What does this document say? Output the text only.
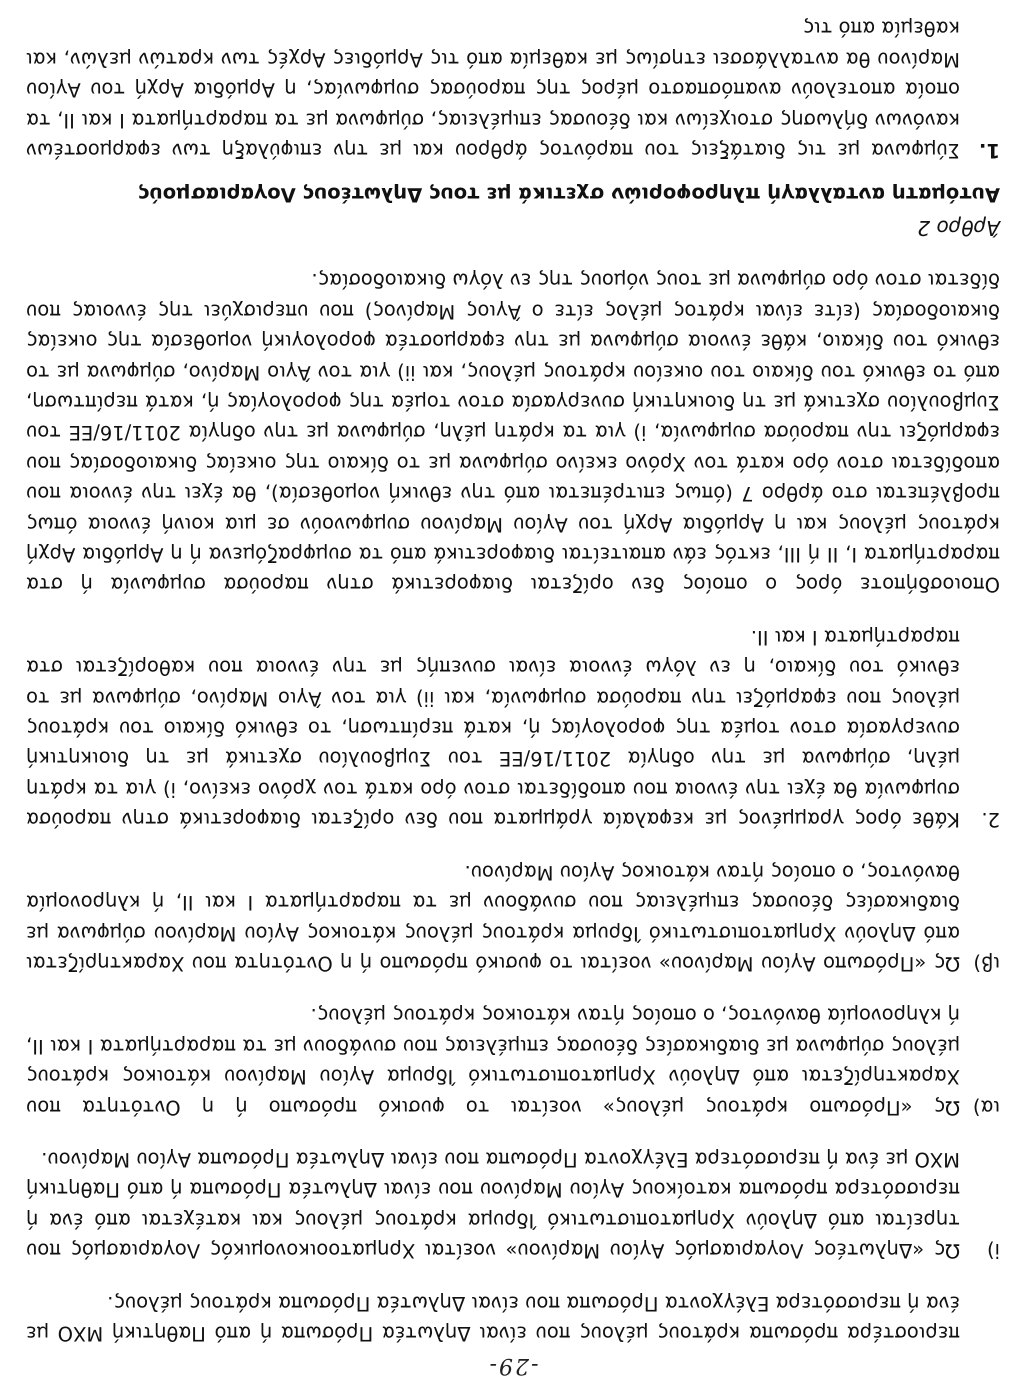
-29-

περιοστέρα πρόσωπα κράτους μέλους που είναι Δηλωτέα Πρόσωπα ή από Παθητική ΜΧΟ με ένα ή περισσότερα Ελέγχοντα Πρόσωπα που είναι Δηλωτέα Πρόσωπα κράτους μέλους.

i)

Ως «Δηλωτέος Λογαριασμός Αγίου Μαρίνου» νοείται Χρηματοοικονομικός Λογαριασμός που τηρείται από Δηλούν Χρηματοπιστωτικό Ίδρυμα κράτους μέλους και κατέχεται από ένα ή περισσότερα πρόσωπα κατοίκους Αγίου Μαρίνου που είναι Δηλωτέα Πρόσωπα ή από Παθητική ΜΧΟ με ένα ή περισσότερα Ελέγχοντα Πρόσωπα που είναι Δηλωτέα Πρόσωπα Αγίου Μαρίνου.

ια)

Ως «Πρόσωπο κράτους μέλους» νοείται το φυσικό πρόσωπο ή η Οντότητα που Χαρακτηρίζεται από Δηλούν Χρηματοπιστωτικό Ίδρυμα Αγίου Μαρίνου κάτοικος κράτους μέλους σύμφωνα με διαδικασίες δέουσας επιμέλειας που συνάδουν με τα παραρτήματα I και II, ή κληρονομία θανόντος, ο οποίος ήταν κάτοικος κράτους μέλους.

ιβ)

Ως «Πρόσωπο Αγίου Μαρίνου» νοείται το φυσικό πρόσωπο ή η Οντότητα που Χαρακτηρίζεται από Δηλούν Χρηματοπιστωτικό Ίδρυμα κράτους μέλους κάτοικος Αγίου Μαρίνου σύμφωνα με διαδικασίες δέουσας επιμέλειας που συνάδουν με τα παραρτήματα I και II, ή κληρονομία θανόντος, ο οποίος ήταν κάτοικος Αγίου Μαρίνου.

2.

Κάθε όρος γραμμένος με κεφαλαία γράμματα που δεν ορίζεται διαφορετικά στην παρούσα συμφωνία θα έχει την έννοια που αποδίδεται στον όρο κατά τον χρόνο εκείνο, i) για τα κράτη μέλη, σύμφωνα με την οδηγία 2011/16/ΕΕ του Συμβουλίου σχετικά με τη διοικητική συνεργασία στον τομέα της φορολογίας ή, κατά περίπτωση, το εθνικό δίκαιο του κράτους μέλους που εφαρμόζει την παρούσα συμφωνία, και ii) για τον Άγιο Μαρίνο, σύμφωνα με το εθνικό του δίκαιο, η εν λόγω έννοια είναι συνεπής με την έννοια που καθορίζεται στα παραρτήματα I και II.

Οποιοσδήποτε όρος ο οποίος δεν ορίζεται διαφορετικά στην παρούσα συμφωνία ή στα παραρτήματα I, II ή III, εκτός εάν απαιτείται διαφορετικά από τα συμφραζόμενα ή η Αρμόδια Αρχή κράτους μέλους και η Αρμόδια Αρχή του Αγίου Μαρίνου συμφωνούν σε μια κοινή έννοια όπως προβλέπεται στο άρθρο 7 (όπως επιτρέπεται από την εθνική νομοθεσία), θα έχει την έννοια που αποδίδεται στον όρο κατά τον Χρόνο εκείνο σύμφωνα με το δίκαιο της οικείας δικαιοδοσίας που εφαρμόζει την παρούσα συμφωνία, i) για τα κράτη μέλη, σύμφωνα με την οδηγία 2011/16/ΕΕ του Συμβουλίου σχετικά με τη διοικητική συνεργασία στον τομέα της φορολογίας ή, κατά περίπτωση, από το εθνικό του δίκαιο του οικείου κράτους μέλους, και ii) για τον Άγιο Μαρίνο, σύμφωνα με το εθνικό του δίκαιο, κάθε έννοια σύμφωνα με την εφαρμοστέα φορολογική νομοθεσία της οικείας δικαιοδοσίας (είτε είναι κράτος μέλος είτε ο Άγιος Μαρίνος) που υπερισχύει της έννοιας που δίδεται στον όρο σύμφωνα με τους νόμους της εν λόγω δικαιοδοσίας.

Άρθρο 2
Αυτόματη ανταλλαγή πληροφοριών σχετικά με τους Δηλωτέους Λογαριασμούς
1.

Σύμφωνα με τις διατάξεις του παρόντος άρθρου και με την επιφύλαξη των εφαρμοστέων κανόνων δήλωσης στοιχείων και δέουσας επιμέλειας, σύμφωνα με τα παραρτήματα I και II, τα οποία αποτελούν αναπόσπαστο μέρος της παρούσας συμφωνίας, η Αρμόδια Αρχή του Αγίου Μαρίνου θα ανταλλάσσει ετησίως με καθεμία από τις Αρμόδιες Αρχές των κρατών μελών, και καθεμία από τις
